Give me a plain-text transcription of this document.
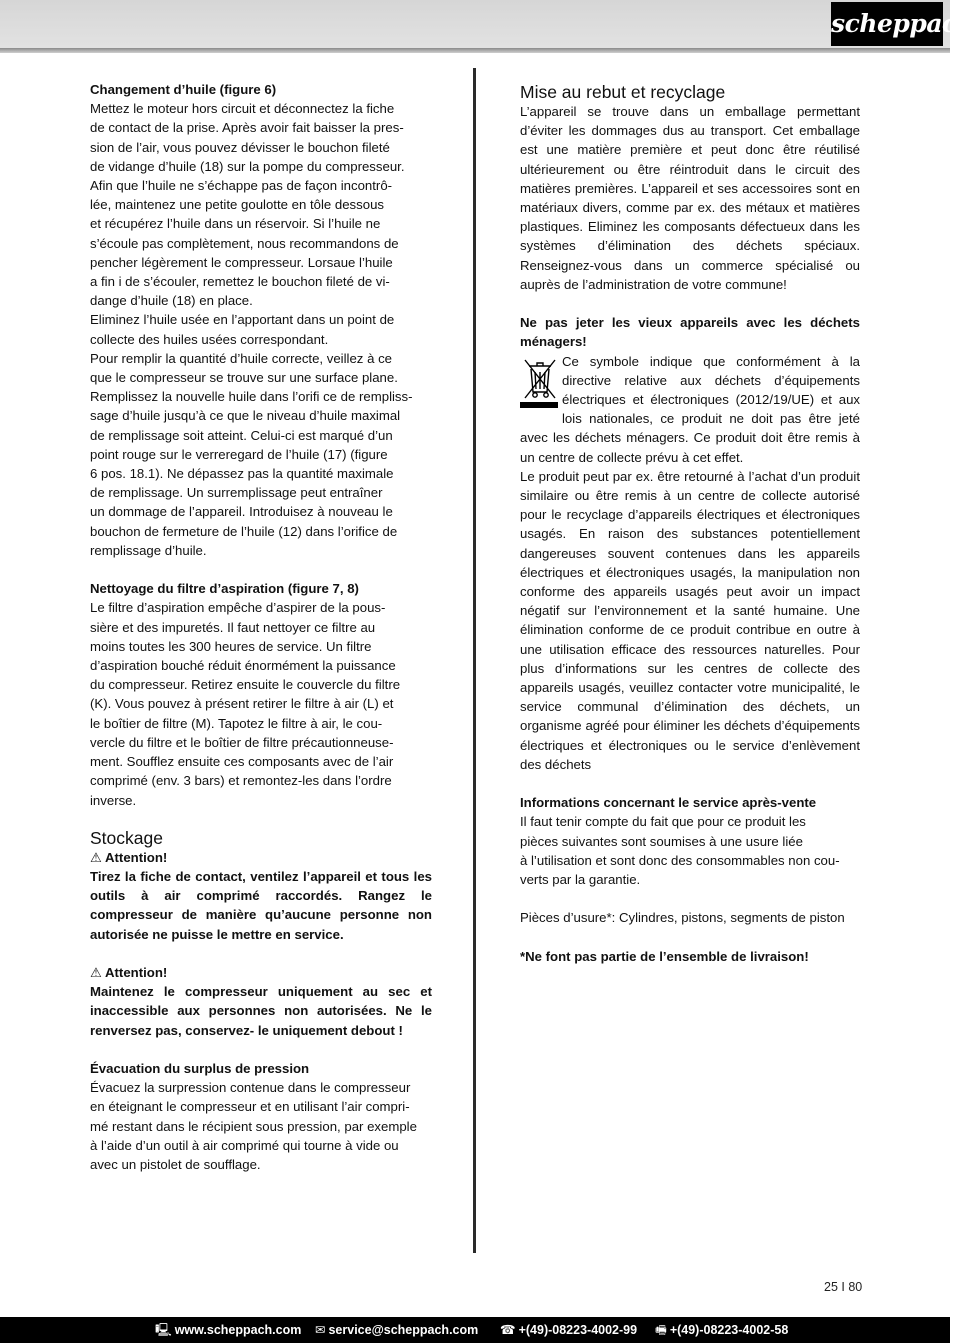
scheppach

Changement d’huile (figure 6)

Mettez le moteur hors circuit et déconnectez la fiche

de contact de la prise. Après avoir fait baisser la pres-

sion de l’air, vous pouvez dévisser le bouchon fileté

de vidange d’huile (18) sur la pompe du compresseur.

Afin que l’huile ne s’échappe pas de façon incontrô-

lée, maintenez une petite goulotte en tôle dessous

et récupérez l’huile dans un réservoir. Si l’huile ne

s’écoule pas complètement, nous recommandons de

pencher légèrement le compresseur. Lorsaue l’huile

a fin i de s’écouler, remettez le bouchon fileté de vi-

dange d’huile (18) en place.

Eliminez l’huile usée en l’apportant dans un point de

collecte des huiles usées correspondant.

Pour remplir la quantité d’huile correcte, veillez à ce

que le compresseur se trouve sur une surface plane.

Remplissez la nouvelle huile dans l’orifi ce de rempliss-

sage d’huile jusqu’à ce que le niveau d’huile maximal

de remplissage soit atteint. Celui-ci est marqué d’un

point rouge sur le verreregard de l’huile (17) (figure

6 pos. 18.1). Ne dépassez pas la quantité maximale

de remplissage. Un surremplissage peut entraîner

un dommage de l’appareil. Introduisez à nouveau le

bouchon de fermeture de l’huile (12) dans l’orifice de

remplissage d’huile.

Nettoyage du filtre d’aspiration (figure 7, 8)

Le filtre d’aspiration empêche d’aspirer de la pous-

sière et des impuretés. Il faut nettoyer ce filtre au

moins toutes les 300 heures de service. Un filtre

d’aspiration bouché réduit énormément la puissance

du compresseur. Retirez ensuite le couvercle du filtre

(K). Vous pouvez à présent retirer le filtre à air (L) et

le boîtier de filtre (M). Tapotez le filtre à air, le cou-

vercle du filtre et le boîtier de filtre précautionneuse-

ment. Soufflez ensuite ces composants avec de l’air

comprimé (env. 3 bars) et remontez-les dans l’ordre

inverse.

Stockage

⚠ Attention!

Tirez la fiche de contact, ventilez l’appareil et tous les outils à air comprimé raccordés. Rangez le compresseur de manière qu’aucune personne non autorisée ne puisse le mettre en service.

⚠ Attention!

Maintenez le compresseur uniquement au sec et inaccessible aux personnes non autorisées. Ne le renversez pas, conservez- le uniquement debout !

Évacuation du surplus de pression

Évacuez la surpression contenue dans le compresseur

en éteignant le compresseur et en utilisant l’air compri-

mé restant dans le récipient sous pression, par exemple

à l’aide d’un outil à air comprimé qui tourne à vide ou

avec un pistolet de soufflage.

Mise au rebut et recyclage

L’appareil se trouve dans un emballage permettant d’éviter les dommages dus au transport. Cet emballage est une matière première et peut donc être réutilisé ultérieurement ou être réintroduit dans le circuit des matières premières. L’appareil et ses accessoires sont en matériaux divers, comme par ex. des métaux et matières plastiques. Eliminez les composants défectueux dans les systèmes d’élimination des déchets spéciaux. Renseignez-vous dans un commerce spécialisé ou auprès de l’administration de votre commune!

Ne pas jeter les vieux appareils avec les déchets ménagers!

Ce symbole indique que conformément à la directive relative aux déchets d’équipements électriques et électroniques (2012/19/UE) et aux lois nationales, ce produit ne doit pas être jeté avec les déchets ménagers. Ce produit doit être remis à un centre de collecte prévu à cet effet.

Le produit peut par ex. être retourné à l’achat d’un produit similaire ou être remis à un centre de collecte autorisé pour le recyclage d’appareils électriques et électroniques usagés. En raison des substances potentiellement dangereuses souvent contenues dans les appareils électriques et électroniques usagés, la manipulation non conforme des appareils usagés peut avoir un impact négatif sur l’environnement et la santé humaine. Une élimination conforme de ce produit contribue en outre à une utilisation efficace des ressources naturelles. Pour plus d’informations sur les centres de collecte des appareils usagés, veuillez contacter votre municipalité, le service communal d’élimination des déchets, un organisme agréé pour éliminer les déchets d’équipements électriques et électroniques ou le service d’enlèvement des déchets

Informations concernant le service après-vente

Il faut tenir compte du fait que pour ce produit les

pièces suivantes sont soumises à une usure liée

à l’utilisation et sont donc des consommables non cou-

verts par la garantie.

Pièces d’usure*: Cylindres, pistons, segments de piston

*Ne font pas partie de l’ensemble de livraison!

25 I 80
🖳 www.scheppach.com ✉ service@scheppach.com ☎ +(49)-08223-4002-99 🖷 +(49)-08223-4002-58
